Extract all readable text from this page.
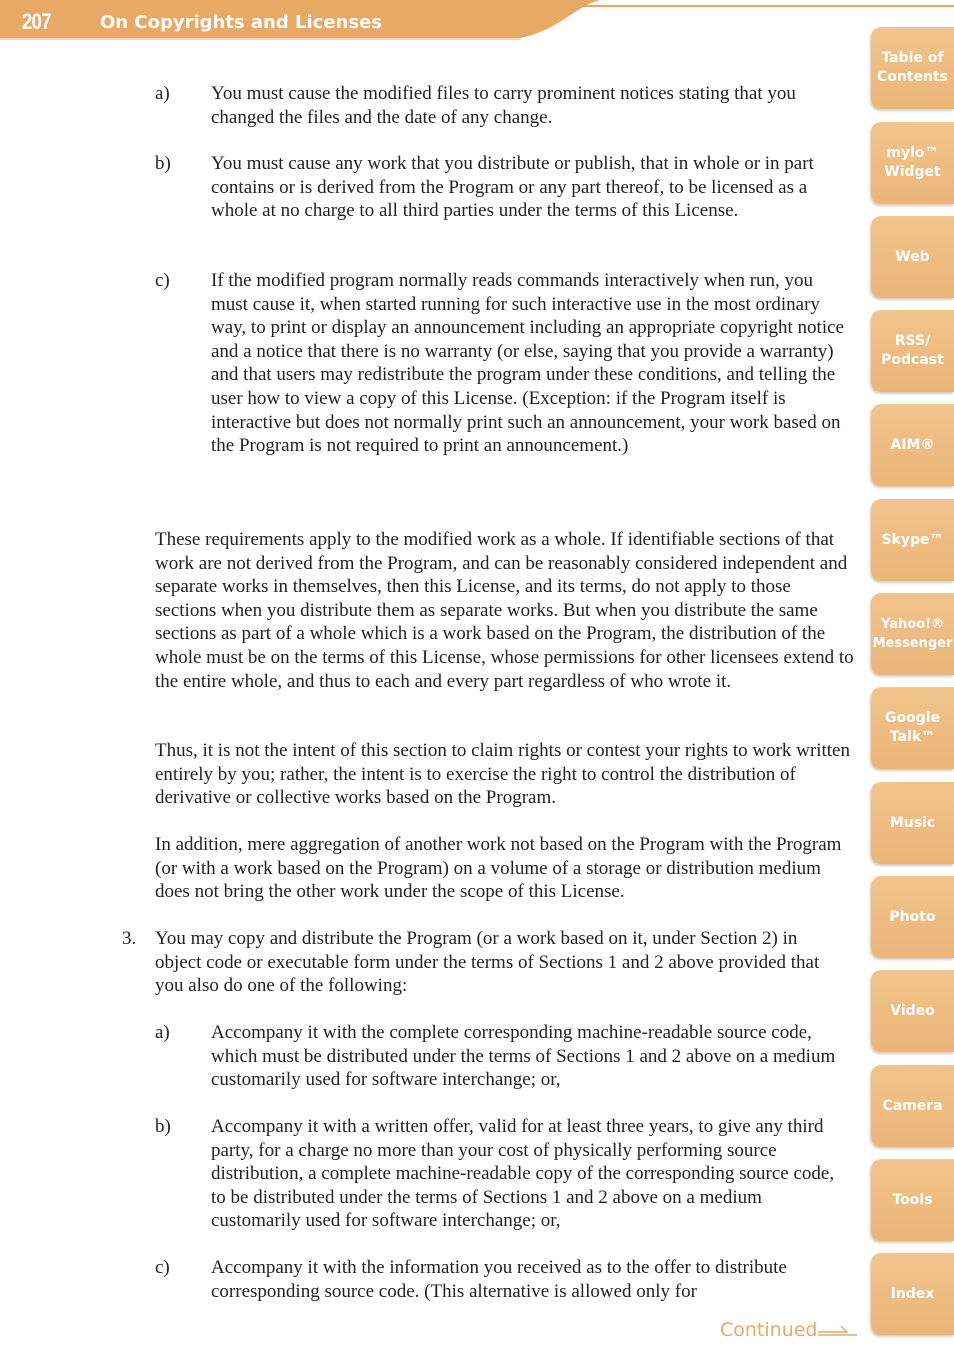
207	On Copyrights and Licenses
a) You must cause the modified files to carry prominent notices stating that you changed the files and the date of any change.
b) You must cause any work that you distribute or publish, that in whole or in part contains or is derived from the Program or any part thereof, to be licensed as a whole at no charge to all third parties under the terms of this License.
c) If the modified program normally reads commands interactively when run, you must cause it, when started running for such interactive use in the most ordinary way, to print or display an announcement including an appropriate copyright notice and a notice that there is no warranty (or else, saying that you provide a warranty) and that users may redistribute the program under these conditions, and telling the user how to view a copy of this License. (Exception: if the Program itself is interactive but does not normally print such an announcement, your work based on the Program is not required to print an announcement.)
These requirements apply to the modified work as a whole. If identifiable sections of that work are not derived from the Program, and can be reasonably considered independent and separate works in themselves, then this License, and its terms, do not apply to those sections when you distribute them as separate works. But when you distribute the same sections as part of a whole which is a work based on the Program, the distribution of the whole must be on the terms of this License, whose permissions for other licensees extend to the entire whole, and thus to each and every part regardless of who wrote it.
Thus, it is not the intent of this section to claim rights or contest your rights to work written entirely by you; rather, the intent is to exercise the right to control the distribution of derivative or collective works based on the Program.
In addition, mere aggregation of another work not based on the Program with the Program (or with a work based on the Program) on a volume of a storage or distribution medium does not bring the other work under the scope of this License.
3. You may copy and distribute the Program (or a work based on it, under Section 2) in object code or executable form under the terms of Sections 1 and 2 above provided that you also do one of the following:
a) Accompany it with the complete corresponding machine-readable source code, which must be distributed under the terms of Sections 1 and 2 above on a medium customarily used for software interchange; or,
b) Accompany it with a written offer, valid for at least three years, to give any third party, for a charge no more than your cost of physically performing source distribution, a complete machine-readable copy of the corresponding source code, to be distributed under the terms of Sections 1 and 2 above on a medium customarily used for software interchange; or,
c) Accompany it with the information you received as to the offer to distribute corresponding source code. (This alternative is allowed only for
Table of
Contents
mylo™
Widget
Web
RSS/
Podcast
AIM®
Skype™
Yahoo!®
Messenger
Google
Talk™
Music
Photo
Video
Camera
Tools
Index
Continued
